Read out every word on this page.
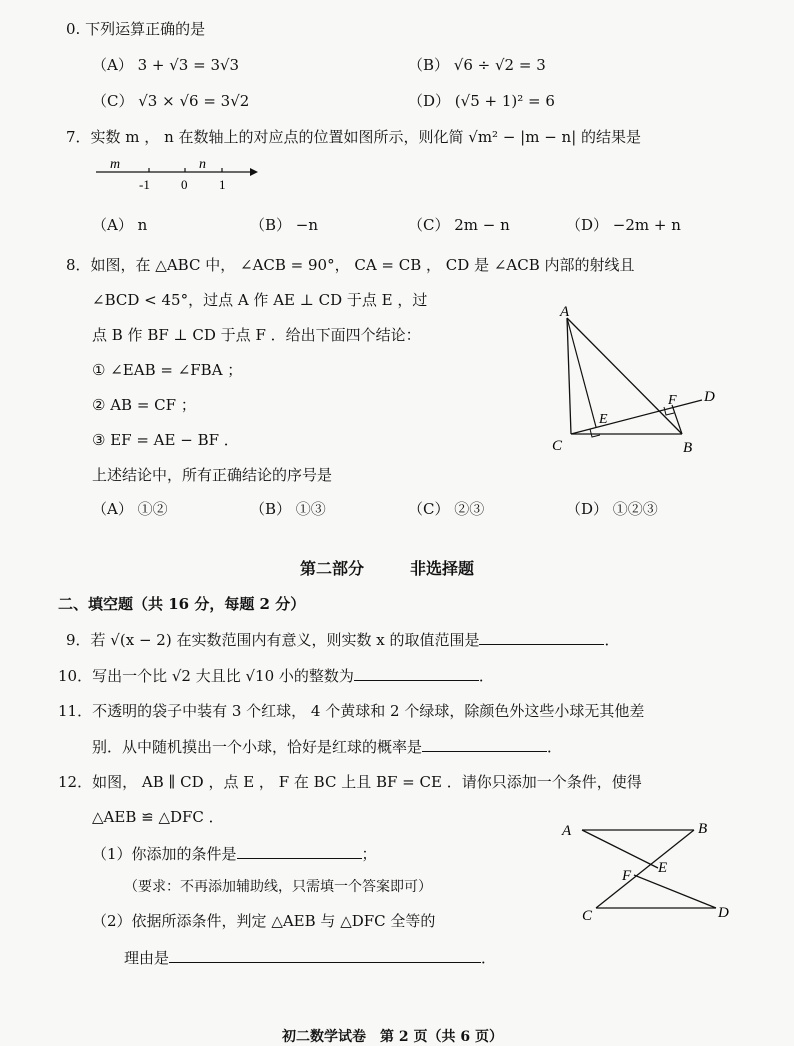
0. 下列运算正确的是
（A） 3 + √3 = 3√3	（B） √6 ÷ √2 = 3
（C） √3 × √6 = 3√2	（D） (√5 + 1)² = 6
7．实数 m ， n 在数轴上的对应点的位置如图所示，则化简 √m² − |m − n| 的结果是
m	n
-1 0 1
（A） n	（B） −n	（C） 2m − n	（D） −2m + n
8．如图，在 △ABC 中， ∠ACB = 90°， CA = CB ， CD 是 ∠ACB 内部的射线且
∠BCD < 45°，过点 A 作 AE ⊥ CD 于点 E ，过
点 B 作 BF ⊥ CD 于点 F ．给出下面四个结论：
① ∠EAB = ∠FBA ；
② AB = CF ；
③ EF = AE − BF ．
上述结论中，所有正确结论的序号是
（A） ①②	（B） ①③	（C） ②③	（D） ①②③
A
C	B
D
E
F
第二部分	非选择题
二、填空题（共 16 分，每题 2 分）
9．若 √(x − 2) 在实数范围内有意义，则实数 x 的取值范围是	．
10．写出一个比 √2 大且比 √10 小的整数为	．
11．不透明的袋子中装有 3 个红球， 4 个黄球和 2 个绿球，除颜色外这些小球无其他差
别．从中随机摸出一个小球，恰好是红球的概率是	．
12．如图， AB ∥ CD ，点 E ， F 在 BC 上且 BF = CE ．请你只添加一个条件，使得
△AEB ≌ △DFC ．
（1）你添加的条件是	；
（要求：不再添加辅助线，只需填一个答案即可）
（2）依据所添条件，判定 △AEB 与 △DFC 全等的
理由是	．
A	B
C	D
E
F
初二数学试卷　第 2 页（共 6 页）
